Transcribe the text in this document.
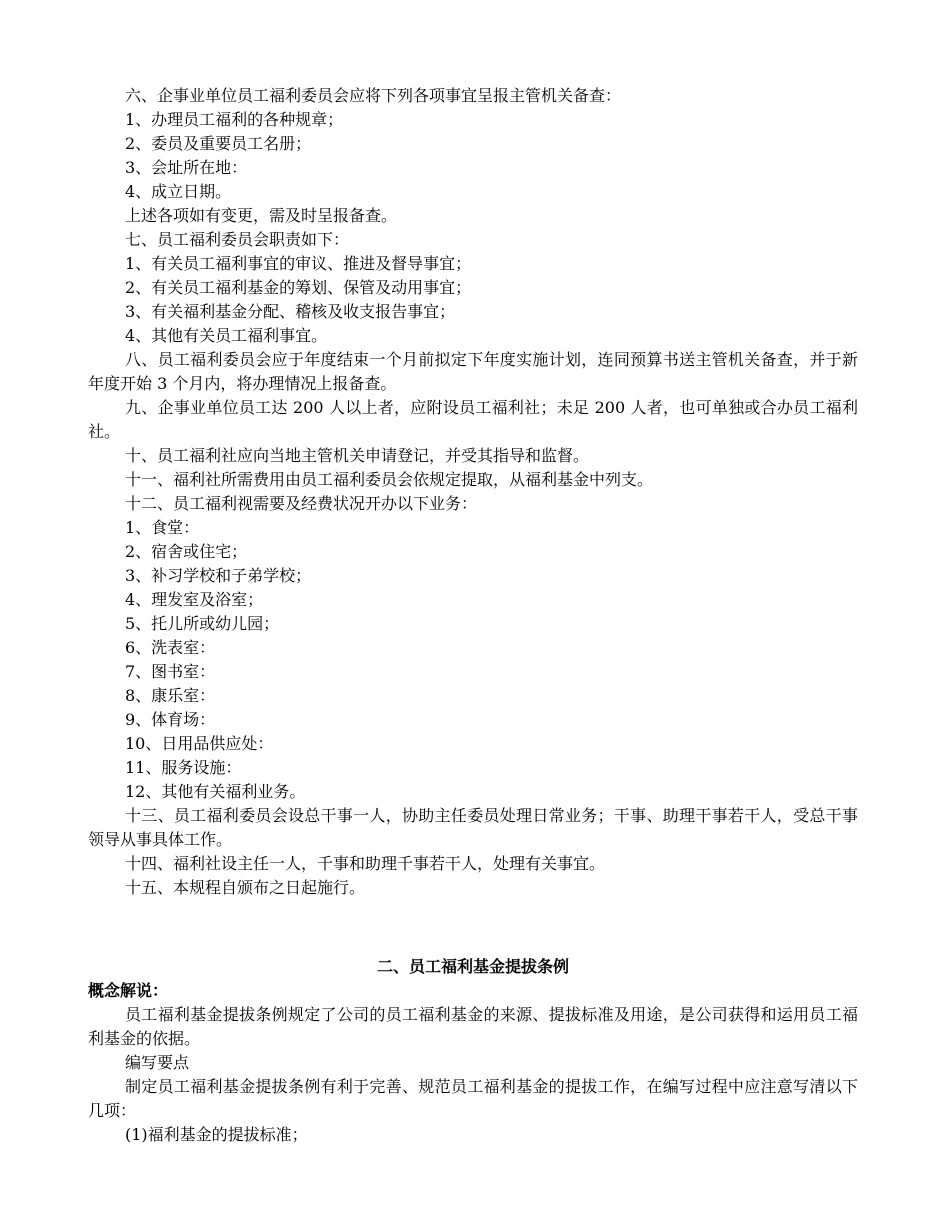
六、企事业单位员工福利委员会应将下列各项事宜呈报主管机关备查：
1、办理员工福利的各种规章；
2、委员及重要员工名册；
3、会址所在地：
4、成立日期。
上述各项如有变更，需及时呈报备查。
七、员工福利委员会职责如下：
1、有关员工福利事宜的审议、推进及督导事宜；
2、有关员工福利基金的筹划、保管及动用事宜；
3、有关福利基金分配、稽核及收支报告事宜；
4、其他有关员工福利事宜。
八、员工福利委员会应于年度结束一个月前拟定下年度实施计划，连同预算书送主管机关备查，并于新年度开始 3 个月内，将办理情况上报备查。
九、企事业单位员工达 200 人以上者，应附设员工福利社；未足 200 人者，也可单独或合办员工福利社。
十、员工福利社应向当地主管机关申请登记，并受其指导和监督。
十一、福利社所需费用由员工福利委员会依规定提取，从福利基金中列支。
十二、员工福利视需要及经费状况开办以下业务：
1、食堂：
2、宿舍或住宅；
3、补习学校和子弟学校；
4、理发室及浴室；
5、托儿所或幼儿园；
6、洗表室：
7、图书室：
8、康乐室：
9、体育场：
10、日用品供应处：
11、服务设施：
12、其他有关福利业务。
十三、员工福利委员会设总干事一人，协助主任委员处理日常业务；干事、助理干事若干人，受总干事领导从事具体工作。
十四、福利社设主任一人，千事和助理千事若干人，处理有关事宜。
十五、本规程自颁布之日起施行。
二、员工福利基金提拔条例
概念解说：
员工福利基金提拔条例规定了公司的员工福利基金的来源、提拔标准及用途，是公司获得和运用员工福利基金的依据。
编写要点
制定员工福利基金提拔条例有利于完善、规范员工福利基金的提拔工作，在编写过程中应注意写清以下几项：
(1)福利基金的提拔标准；
